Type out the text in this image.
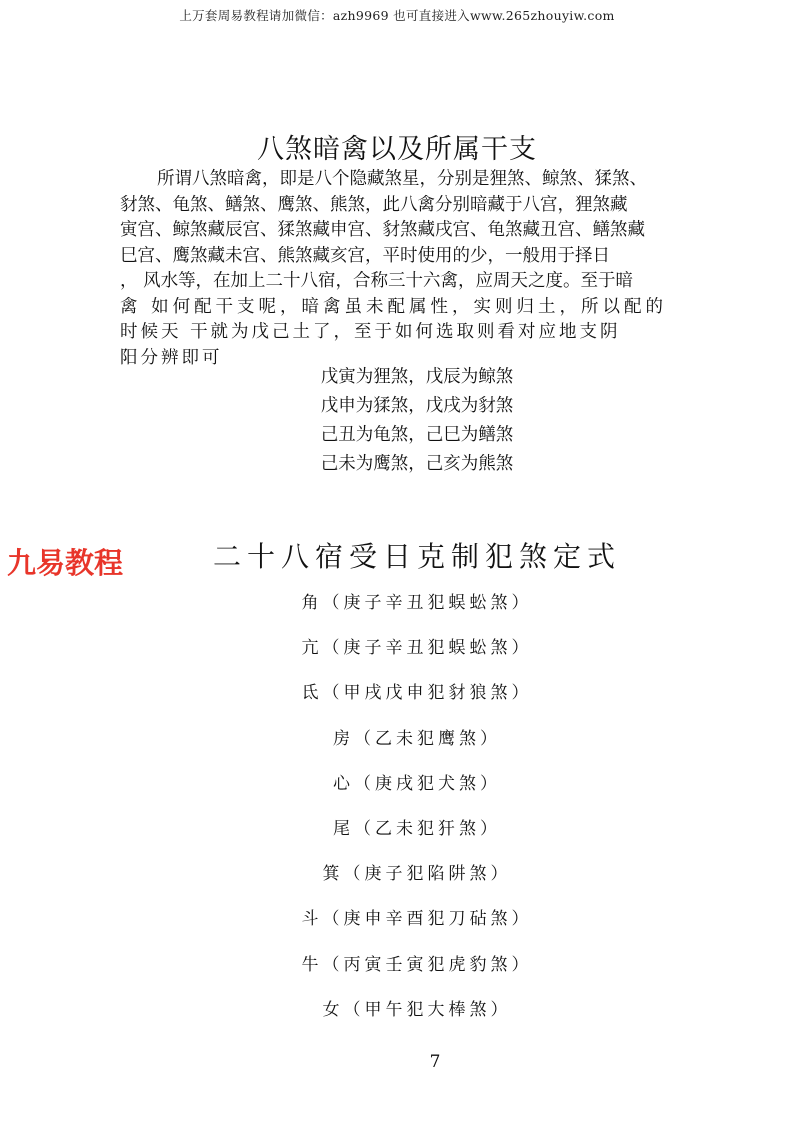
上万套周易教程请加微信：azh9969 也可直接进入www.265zhouyiw.com
八煞暗禽以及所属干支
所谓八煞暗禽，即是八个隐藏煞星，分别是狸煞、鲸煞、猱煞、
豺煞、龟煞、鳝煞、鹰煞、熊煞，此八禽分别暗藏于八宫，狸煞藏
寅宫、鲸煞藏辰宫、猱煞藏申宫、豺煞藏戌宫、龟煞藏丑宫、鳝煞藏
巳宫、鹰煞藏未宫、熊煞藏亥宫，平时使用的少，一般用于择日
， 风水等，在加上二十八宿，合称三十六禽，应周天之度。至于暗
禽 如何配干支呢，暗禽虽未配属性，实则归土，所以配的
时候天 干就为戊己土了，至于如何选取则看对应地支阴
阳分辨即可
戊寅为狸煞，戊辰为鲸煞
戊申为猱煞，戊戌为豺煞
己丑为龟煞，己巳为鳝煞
己未为鹰煞，己亥为熊煞
九易教程	二十八宿受日克制犯煞定式
角（庚子辛丑犯蜈蚣煞）
亢（庚子辛丑犯蜈蚣煞）
氐（甲戌戊申犯豺狼煞）
房（乙未犯鹰煞）
心（庚戌犯犬煞）
尾（乙未犯犴煞）
箕（庚子犯陷阱煞）
斗（庚申辛酉犯刀砧煞）
牛（丙寅壬寅犯虎豹煞）
女（甲午犯大棒煞）
7
